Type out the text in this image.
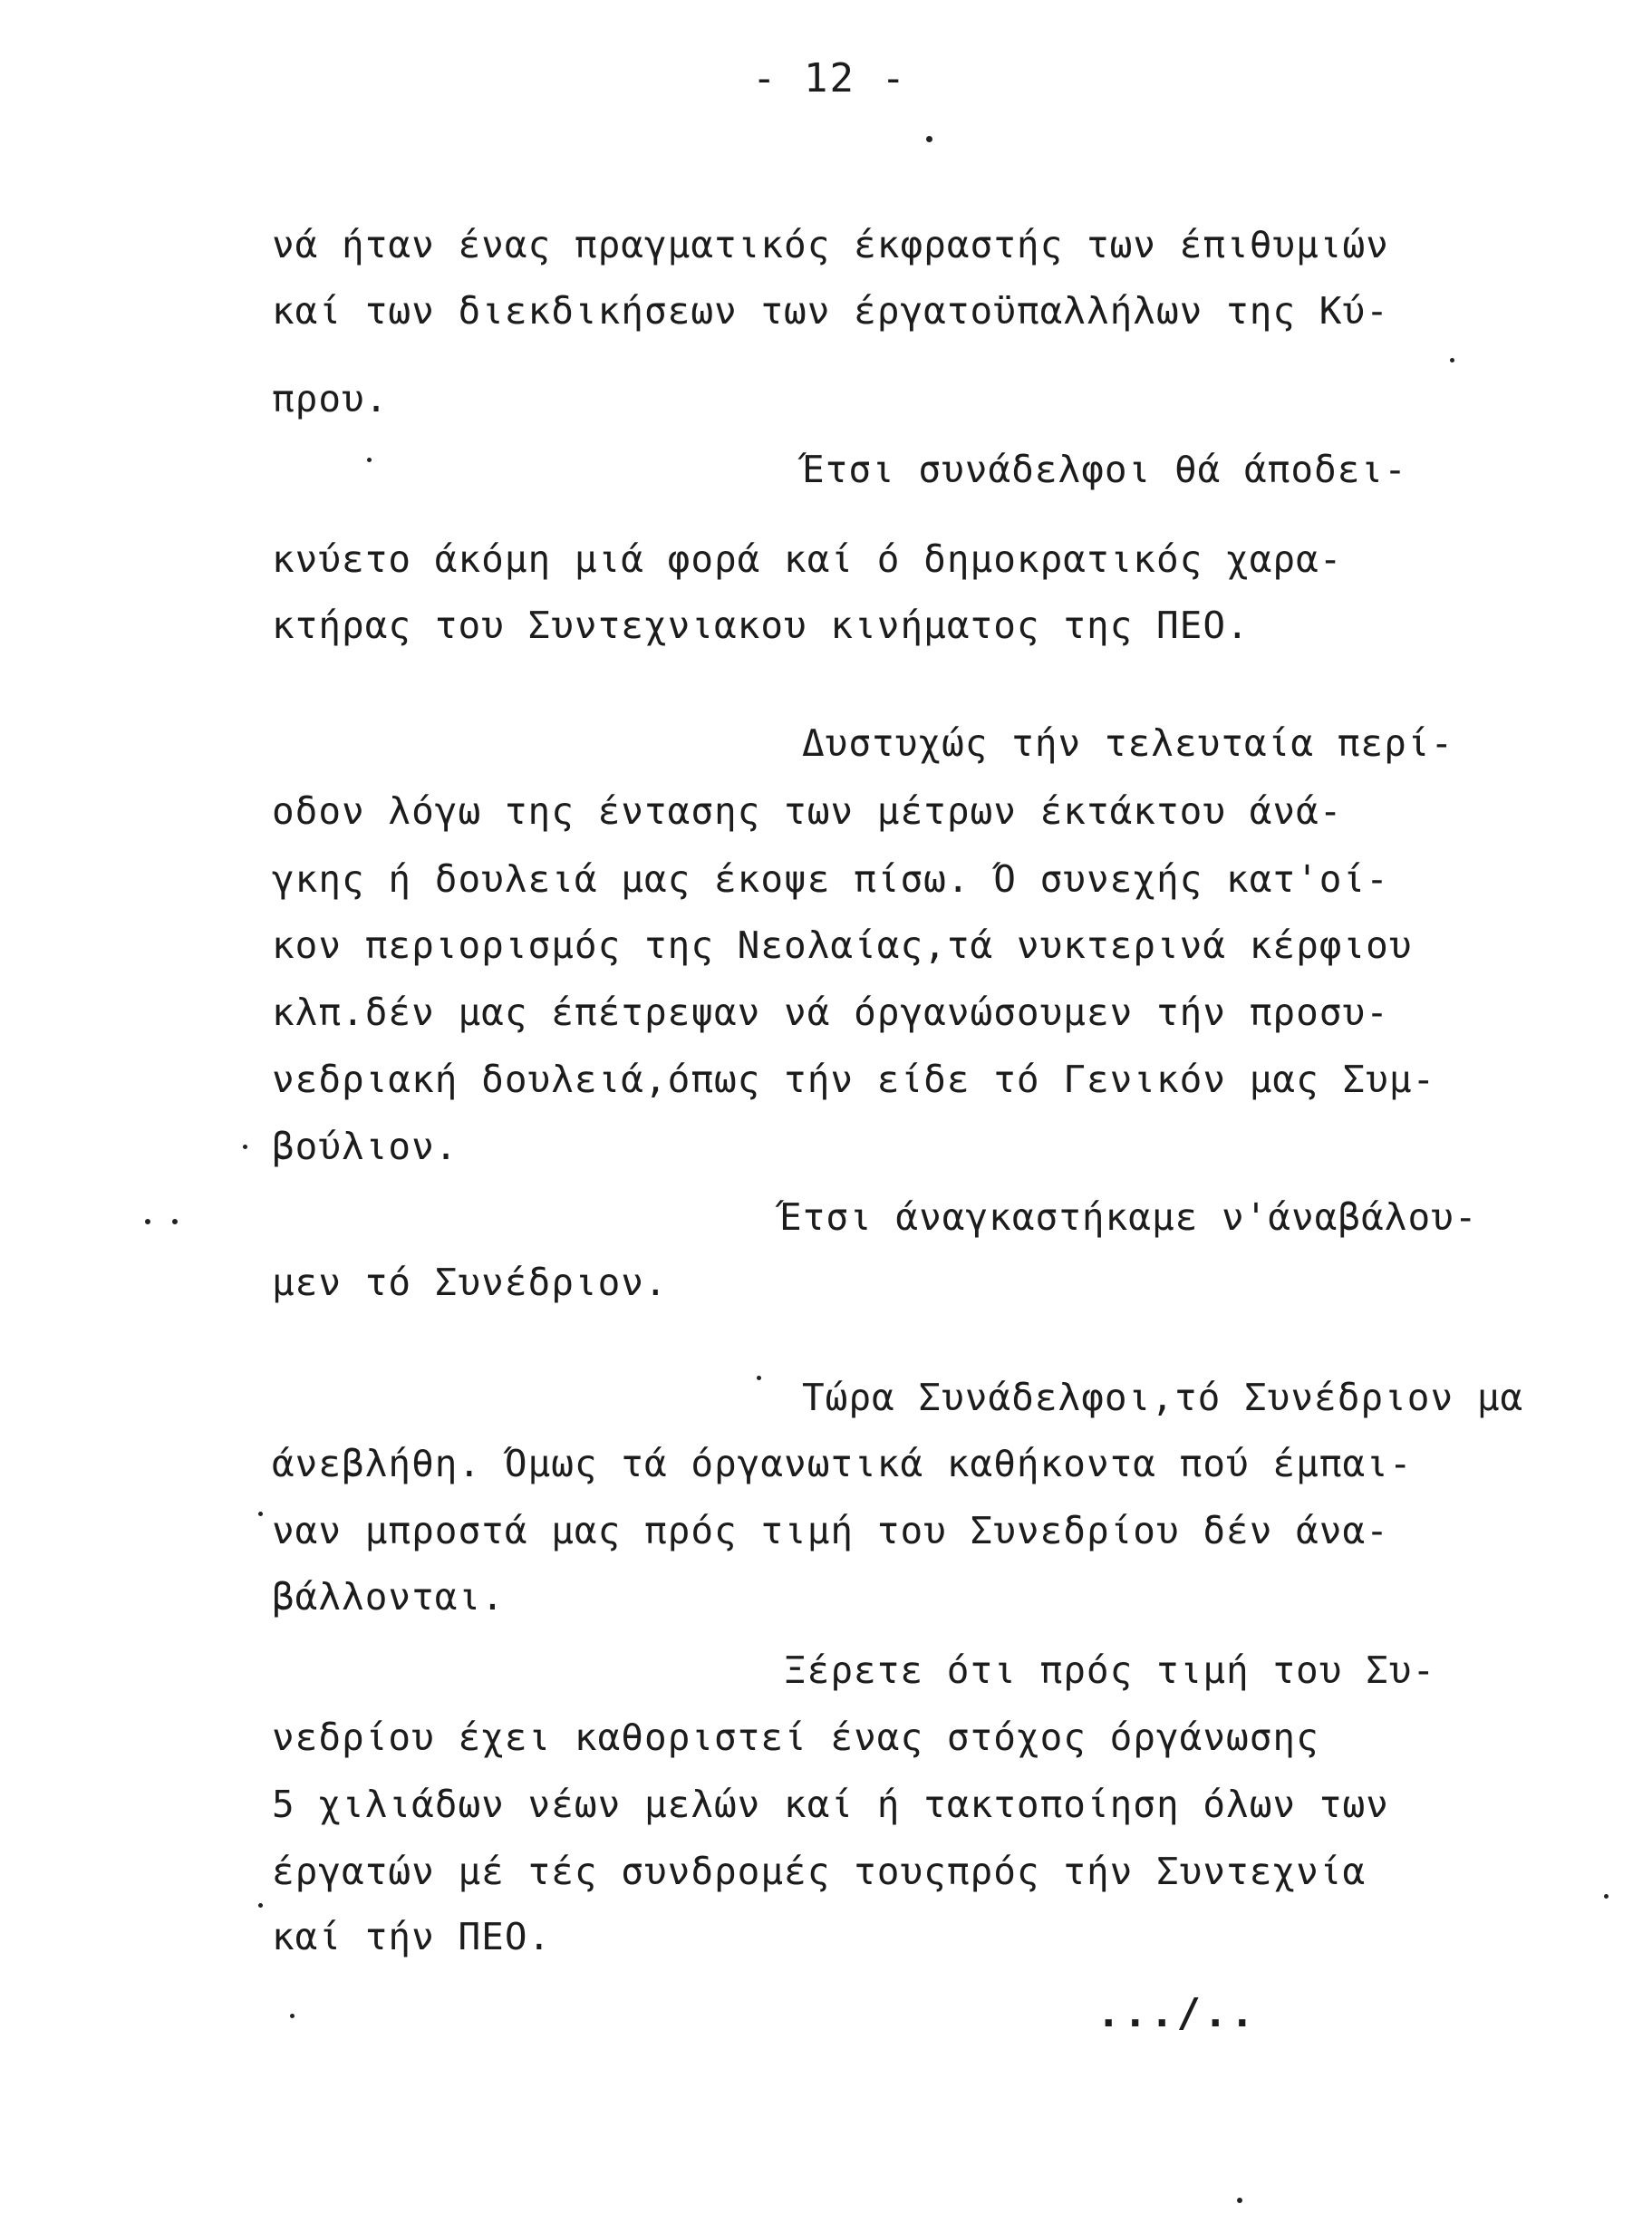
- 12 -
νά ήταν ένας πραγματικός έκφραστής των έπιθυμιών
καί των διεκδικήσεων των έργατοϋπαλλήλων της Κύ-
πρου.
Έτσι συνάδελφοι θά άποδει-
κνύετο άκόμη μιά φορά καί ό δημοκρατικός χαρα-
κτήρας του Συντεχνιακου κινήματος της ΠΕΟ.
Δυστυχώς τήν τελευταία περί-
οδον λόγω της έντασης των μέτρων έκτάκτου άνά-
γκης ή δουλειά μας έκοψε πίσω. Ό συνεχής κατ'οί-
κον περιορισμός της Νεολαίας,τά νυκτερινά κέρφιου
κλπ.δέν μας έπέτρεψαν νά όργανώσουμεν τήν προσυ-
νεδριακή δουλειά,όπως τήν είδε τό Γενικόν μας Συμ-
βούλιον.
Έτσι άναγκαστήκαμε ν'άναβάλου-
μεν τό Συνέδριον.
Τώρα Συνάδελφοι,τό Συνέδριον μα
άνεβλήθη. Όμως τά όργανωτικά καθήκοντα πού έμπαι-
ναν μπροστά μας πρός τιμή του Συνεδρίου δέν άνα-
βάλλονται.
Ξέρετε ότι πρός τιμή του Συ-
νεδρίου έχει καθοριστεί ένας στόχος όργάνωσης
5 χιλιάδων νέων μελών καί ή τακτοποίηση όλων των
έργατών μέ τές συνδρομές τουςπρός τήν Συντεχνία
καί τήν ΠΕΟ.
.../..
